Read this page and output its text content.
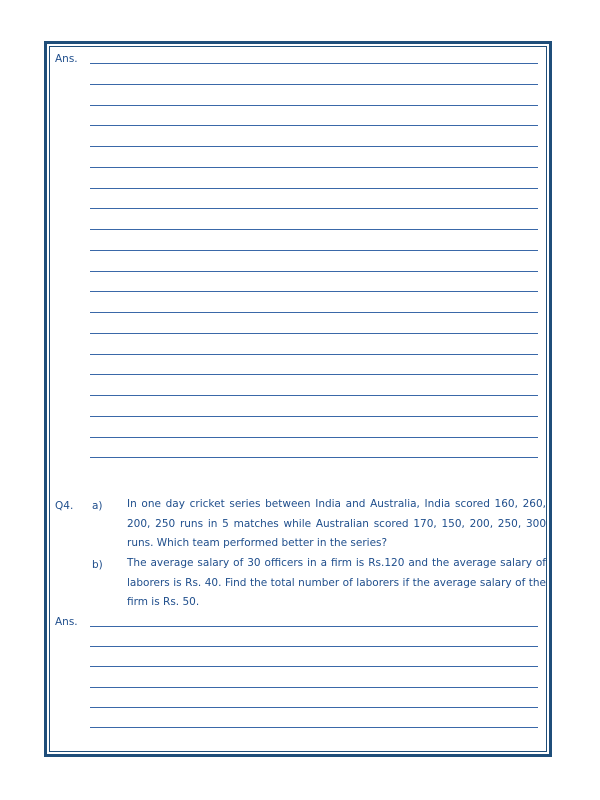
Ans.
Q4. a) In one day cricket series between India and Australia, India scored 160, 260, 200, 250 runs in 5 matches while Australian scored 170, 150, 200, 250, 300 runs. Which team performed better in the series?
b) The average salary of 30 officers in a firm is Rs.120 and the average salary of laborers is Rs. 40. Find the total number of laborers if the average salary of the firm is Rs. 50.
Ans.
